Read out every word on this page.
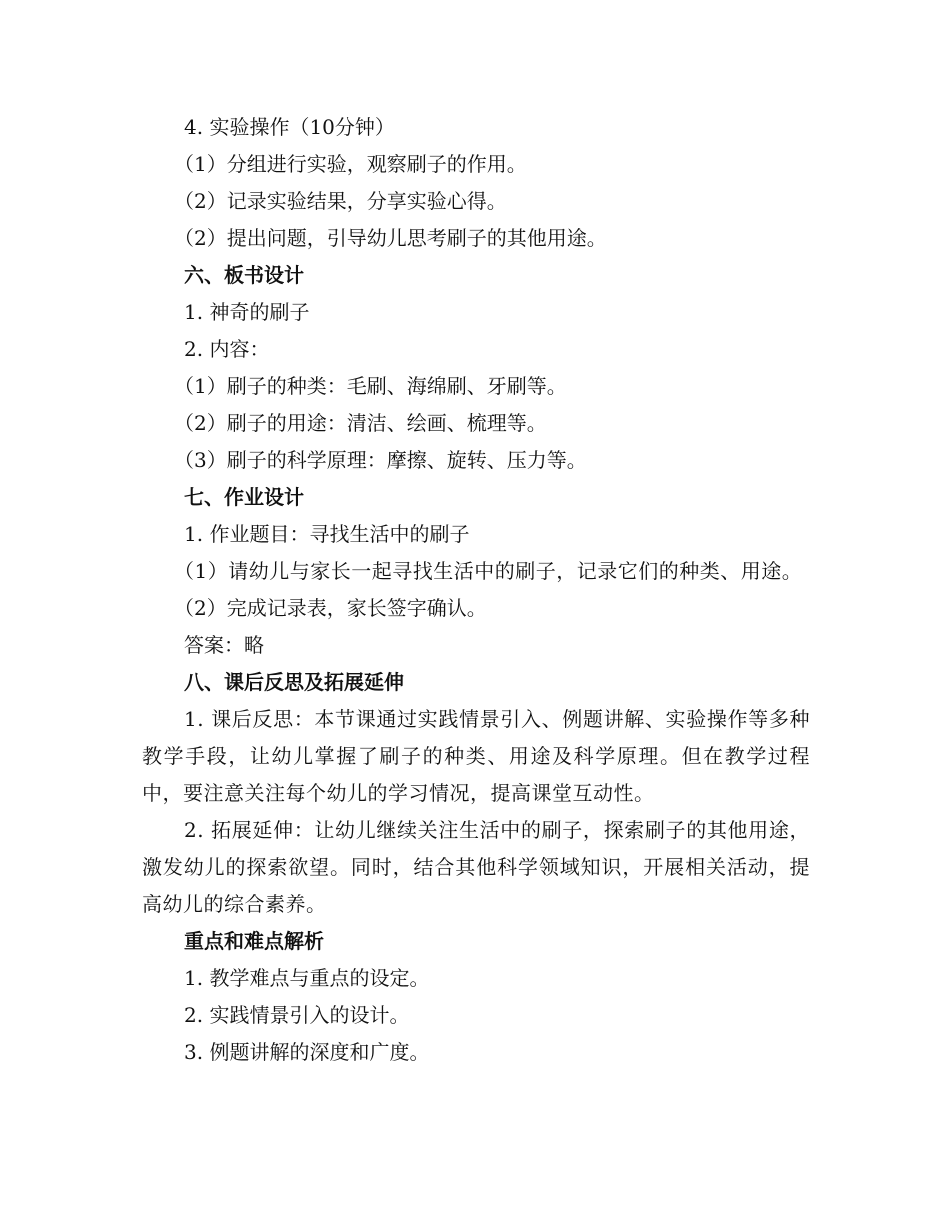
4. 实验操作（10分钟）

（1）分组进行实验，观察刷子的作用。

（2）记录实验结果，分享实验心得。

（2）提出问题，引导幼儿思考刷子的其他用途。

六、板书设计

1. 神奇的刷子

2. 内容：

（1）刷子的种类：毛刷、海绵刷、牙刷等。

（2）刷子的用途：清洁、绘画、梳理等。

（3）刷子的科学原理：摩擦、旋转、压力等。

七、作业设计

1. 作业题目：寻找生活中的刷子

（1）请幼儿与家长一起寻找生活中的刷子，记录它们的种类、用途。

（2）完成记录表，家长签字确认。

答案：略

八、课后反思及拓展延伸

1. 课后反思：本节课通过实践情景引入、例题讲解、实验操作等多种教学手段，让幼儿掌握了刷子的种类、用途及科学原理。但在教学过程中，要注意关注每个幼儿的学习情况，提高课堂互动性。

2. 拓展延伸：让幼儿继续关注生活中的刷子，探索刷子的其他用途，激发幼儿的探索欲望。同时，结合其他科学领域知识，开展相关活动，提高幼儿的综合素养。

重点和难点解析

1. 教学难点与重点的设定。

2. 实践情景引入的设计。

3. 例题讲解的深度和广度。
